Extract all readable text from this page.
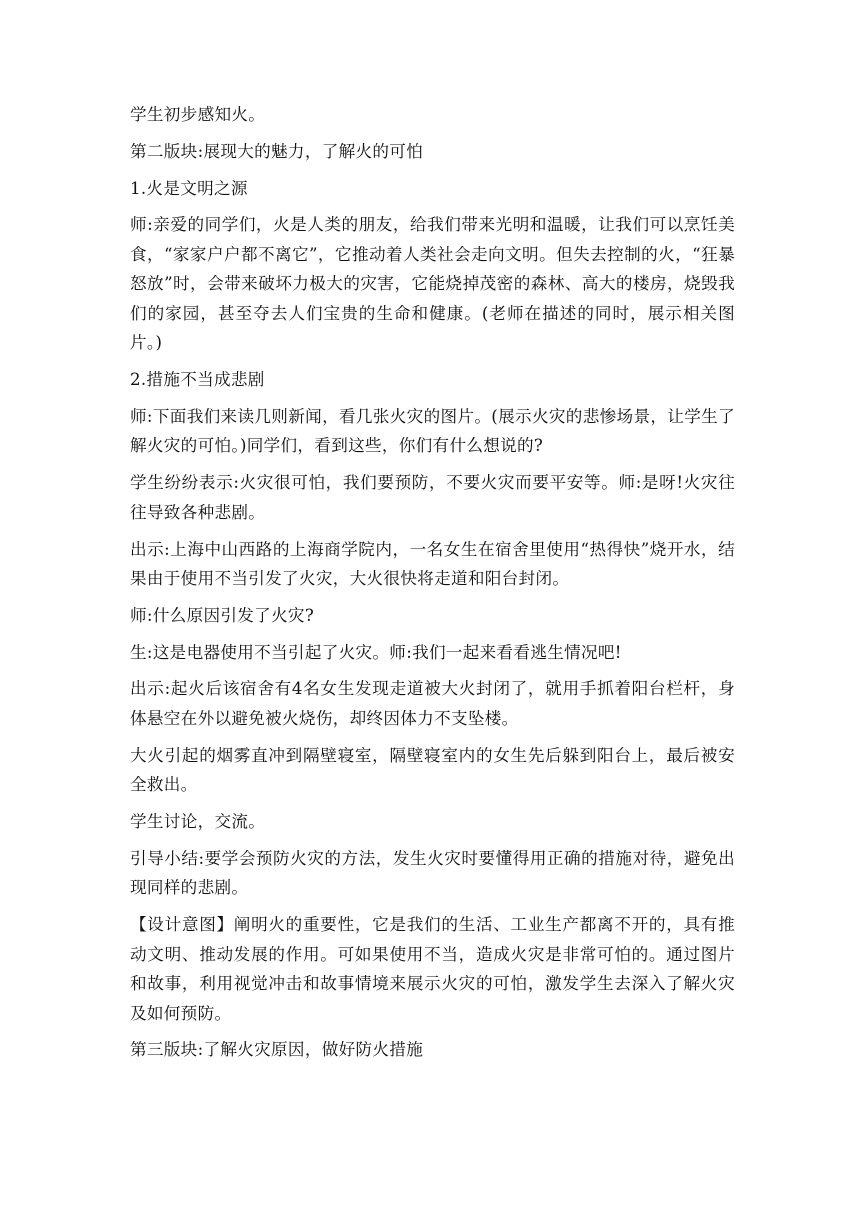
学生初步感知火。

第二版块:展现大的魅力，了解火的可怕

1.火是文明之源

师:亲爱的同学们，火是人类的朋友，给我们带来光明和温暖，让我们可以烹饪美食，“家家户户都不离它”，它推动着人类社会走向文明。但失去控制的火，“狂暴怒放”时，会带来破坏力极大的灾害，它能烧掉茂密的森林、高大的楼房，烧毁我们的家园，甚至夺去人们宝贵的生命和健康。(老师在描述的同时，展示相关图片。)

2.措施不当成悲剧

师:下面我们来读几则新闻，看几张火灾的图片。(展示火灾的悲惨场景，让学生了解火灾的可怕。)同学们，看到这些，你们有什么想说的?

学生纷纷表示:火灾很可怕，我们要预防，不要火灾而要平安等。师:是呀!火灾往往导致各种悲剧。

出示:上海中山西路的上海商学院内，一名女生在宿舍里使用“热得快”烧开水，结果由于使用不当引发了火灾，大火很快将走道和阳台封闭。

师:什么原因引发了火灾?

生:这是电器使用不当引起了火灾。师:我们一起来看看逃生情况吧!

出示:起火后该宿舍有4名女生发现走道被大火封闭了，就用手抓着阳台栏杆，身体悬空在外以避免被火烧伤，却终因体力不支坠楼。

大火引起的烟雾直冲到隔壁寝室，隔壁寝室内的女生先后躲到阳台上，最后被安全救出。

学生讨论，交流。

引导小结:要学会预防火灾的方法，发生火灾时要懂得用正确的措施对待，避免出现同样的悲剧。

【设计意图】阐明火的重要性，它是我们的生活、工业生产都离不开的，具有推动文明、推动发展的作用。可如果使用不当，造成火灾是非常可怕的。通过图片和故事，利用视觉冲击和故事情境来展示火灾的可怕，激发学生去深入了解火灾及如何预防。

第三版块:了解火灾原因，做好防火措施
